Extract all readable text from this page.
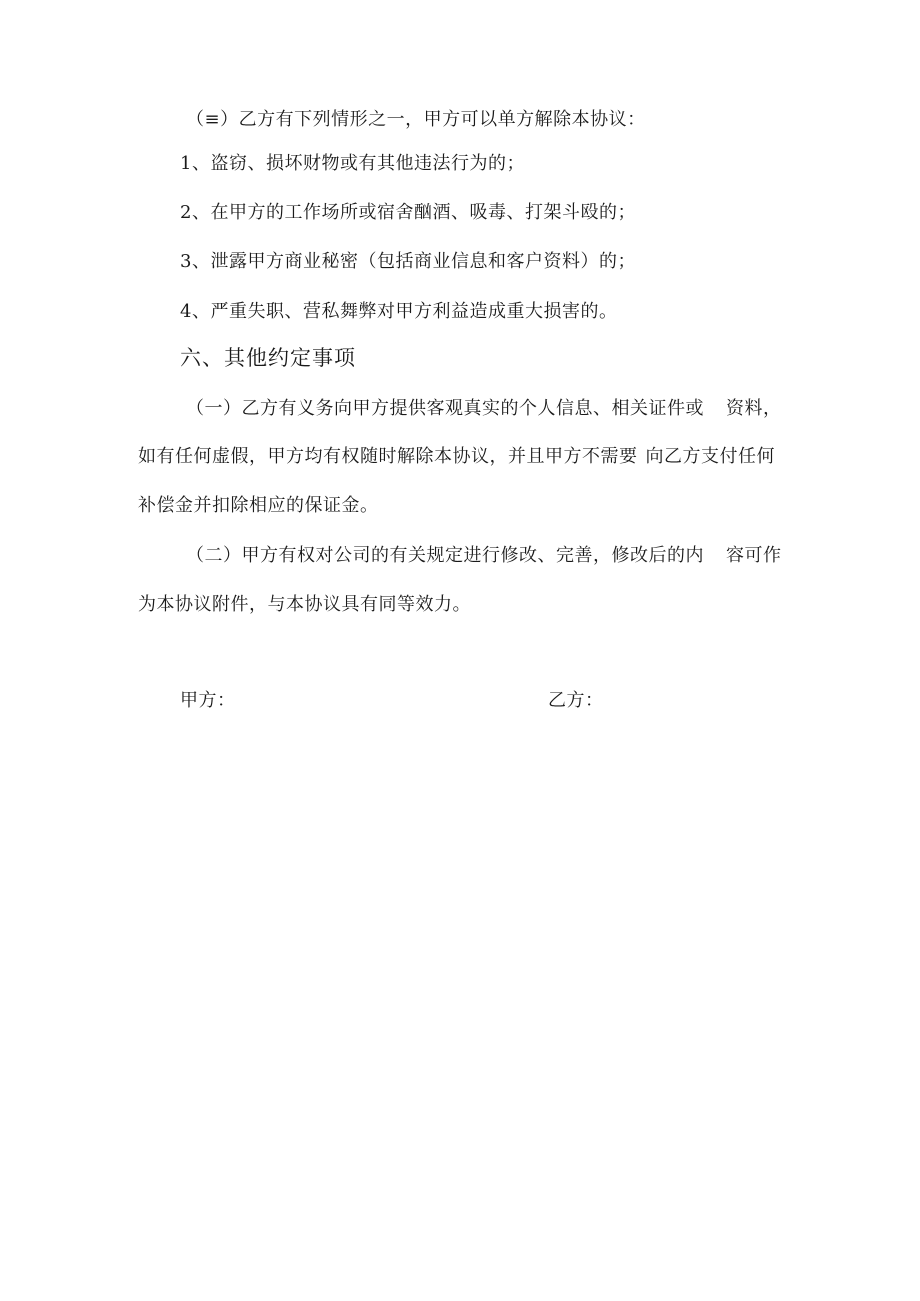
（≡）乙方有下列情形之一，甲方可以单方解除本协议：
1、盗窃、损坏财物或有其他违法行为的；
2、在甲方的工作场所或宿舍酗酒、吸毒、打架斗殴的；
3、泄露甲方商业秘密（包括商业信息和客户资料）的；
4、严重失职、营私舞弊对甲方利益造成重大损害的。
六、其他约定事项
（一）乙方有义务向甲方提供客观真实的个人信息、相关证件或 资料，
如有任何虚假，甲方均有权随时解除本协议，并且甲方不需要 向乙方支付任何
补偿金并扣除相应的保证金。
（二）甲方有权对公司的有关规定进行修改、完善，修改后的内 容可作
为本协议附件，与本协议具有同等效力。
甲方：	乙方：
